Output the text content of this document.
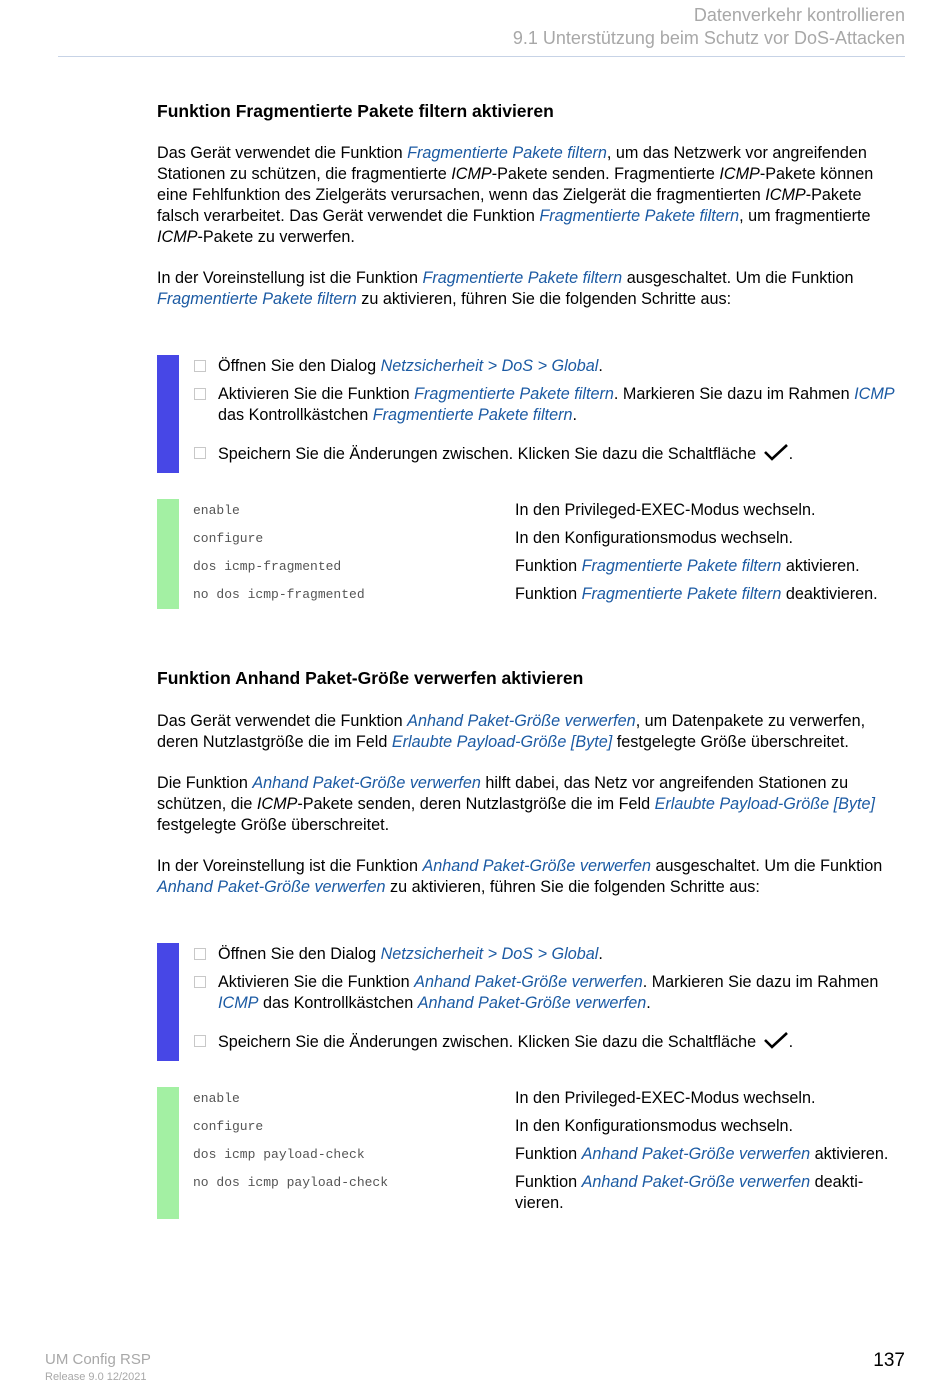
Datenverkehr kontrollieren
9.1 Unterstützung beim Schutz vor DoS-Attacken
Funktion Fragmentierte Pakete filtern aktivieren

Das Gerät verwendet die Funktion Fragmentierte Pakete filtern, um das Netzwerk vor angreifenden Stationen zu schützen, die fragmentierte ICMP-Pakete senden. Fragmentierte ICMP-Pakete können eine Fehlfunktion des Zielgeräts verursachen, wenn das Zielgerät die fragmentierten ICMP-Pakete falsch verarbeitet. Das Gerät verwendet die Funktion Fragmentierte Pakete filtern, um fragmentierte ICMP-Pakete zu verwerfen.

In der Voreinstellung ist die Funktion Fragmentierte Pakete filtern ausgeschaltet. Um die Funktion Fragmentierte Pakete filtern zu aktivieren, führen Sie die folgenden Schritte aus:

Öffnen Sie den Dialog Netzsicherheit > DoS > Global.
Aktivieren Sie die Funktion Fragmentierte Pakete filtern. Markieren Sie dazu im Rahmen ICMP das Kontrollkästchen Fragmentierte Pakete filtern.
Speichern Sie die Änderungen zwischen. Klicken Sie dazu die Schaltfläche .
enable	In den Privileged-EXEC-Modus wechseln.
configure	In den Konfigurationsmodus wechseln.
dos icmp-fragmented	Funktion Fragmentierte Pakete filtern aktivieren.
no dos icmp-fragmented	Funktion Fragmentierte Pakete filtern deaktivieren.
Funktion Anhand Paket-Größe verwerfen aktivieren

Das Gerät verwendet die Funktion Anhand Paket-Größe verwerfen, um Datenpakete zu verwerfen, deren Nutzlastgröße die im Feld Erlaubte Payload-Größe [Byte] festgelegte Größe überschreitet.

Die Funktion Anhand Paket-Größe verwerfen hilft dabei, das Netz vor angreifenden Stationen zu schützen, die ICMP-Pakete senden, deren Nutzlastgröße die im Feld Erlaubte Payload-Größe [Byte] festgelegte Größe überschreitet.

In der Voreinstellung ist die Funktion Anhand Paket-Größe verwerfen ausgeschaltet. Um die Funktion Anhand Paket-Größe verwerfen zu aktivieren, führen Sie die folgenden Schritte aus:

Öffnen Sie den Dialog Netzsicherheit > DoS > Global.
Aktivieren Sie die Funktion Anhand Paket-Größe verwerfen. Markieren Sie dazu im Rahmen ICMP das Kontrollkästchen Anhand Paket-Größe verwerfen.
Speichern Sie die Änderungen zwischen. Klicken Sie dazu die Schaltfläche .
enable	In den Privileged-EXEC-Modus wechseln.
configure	In den Konfigurationsmodus wechseln.
dos icmp payload-check	Funktion Anhand Paket-Größe verwerfen aktivieren.
no dos icmp payload-check	Funktion Anhand Paket-Größe verwerfen deakti-vieren.
UM Config RSP
Release 9.0 12/2021
137
